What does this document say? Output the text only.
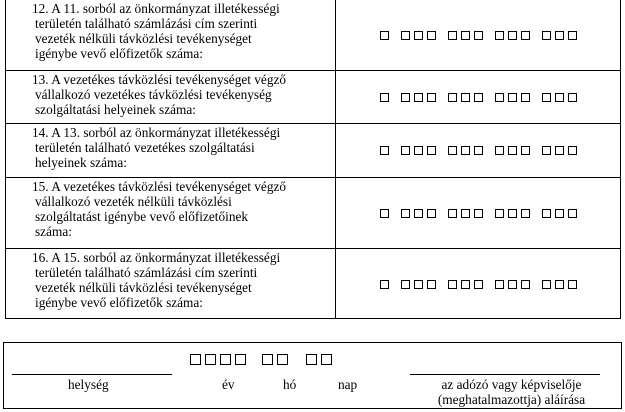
12. A 11. sorból az önkormányzat illetékességi
területén található számlázási cím szerinti
vezeték nélküli távközlési tevékenységet
igénybe vevő előfizetők száma:
13. A vezetékes távközlési tevékenységet végző
vállalkozó vezetékes távközlési tevékenység
szolgáltatási helyeinek száma:
14. A 13. sorból az önkormányzat illetékességi
területén található vezetékes szolgáltatási
helyeinek száma:
15. A vezetékes távközlési tevékenységet végző
vállalkozó vezeték nélküli távközlési
szolgáltatást igénybe vevő előfizetőinek
száma:
16. A 15. sorból az önkormányzat illetékességi
területén található számlázási cím szerinti
vezeték nélküli távközlési tevékenységet
igénybe vevő előfizetők száma:
helység	év	hó	nap	az adózó vagy képviselője
(meghatalmazottja) aláírása
